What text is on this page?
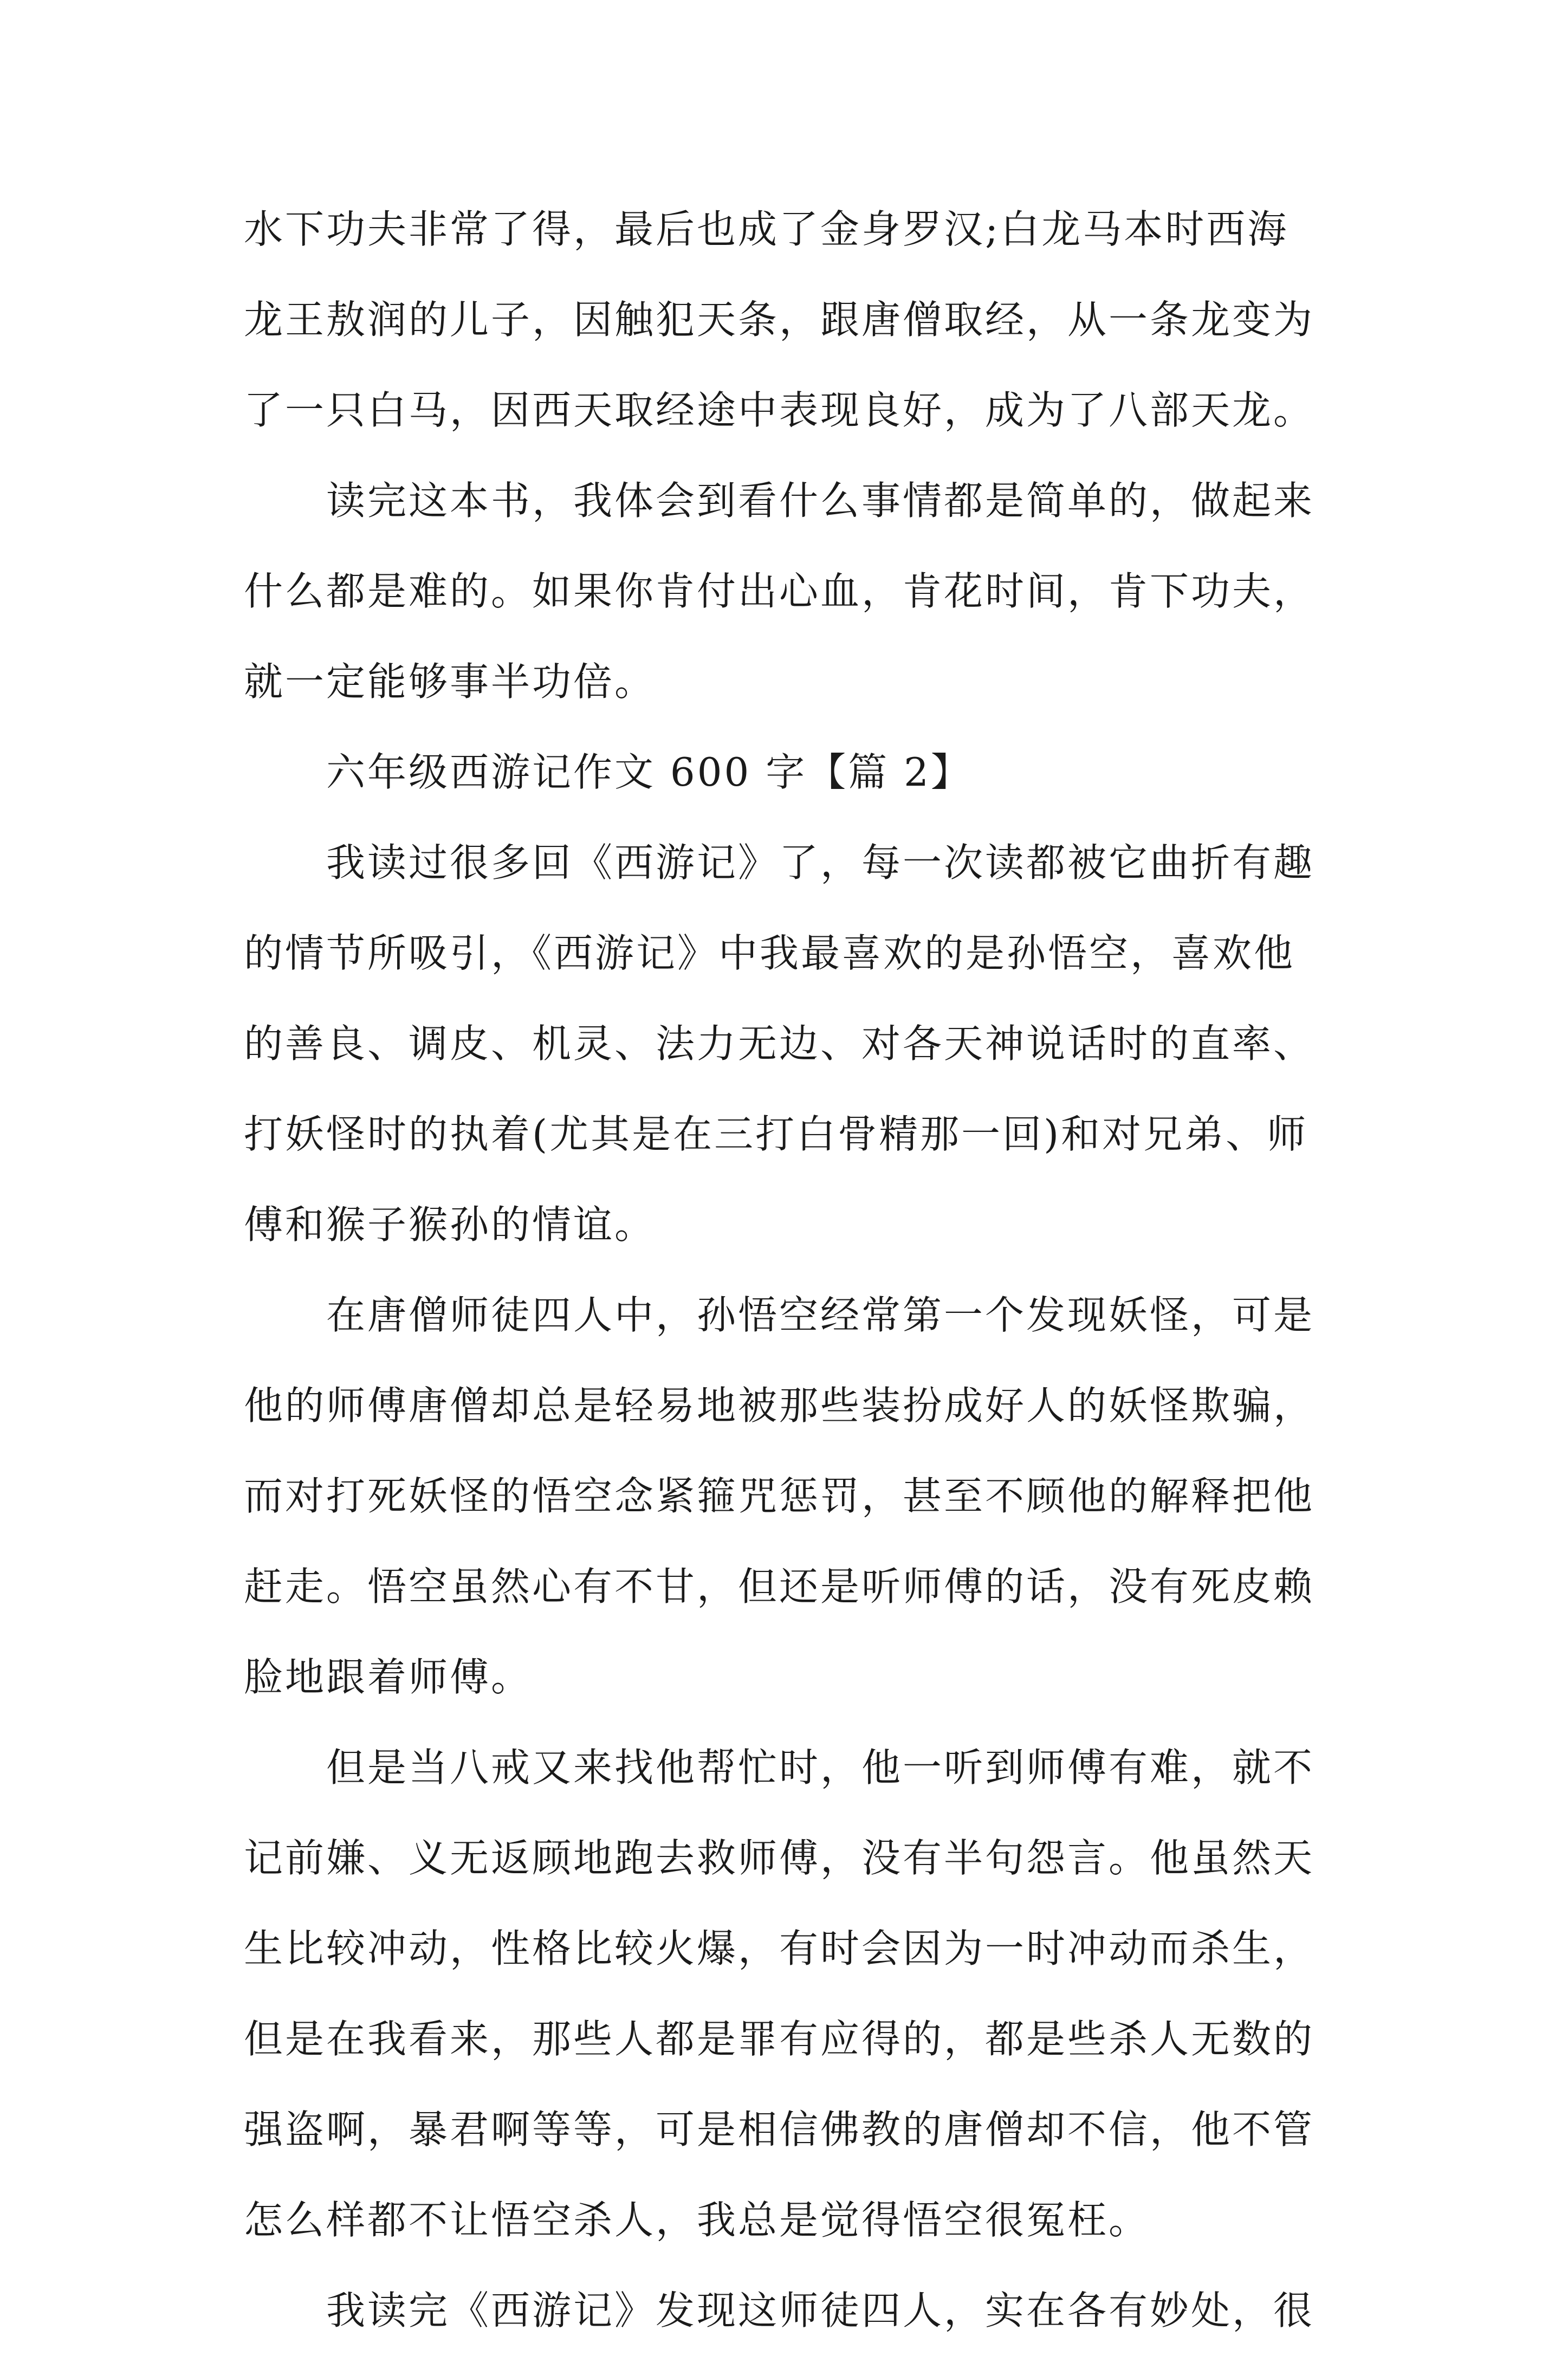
水下功夫非常了得，最后也成了金身罗汉;白龙马本时西海
龙王敖润的儿子，因触犯天条，跟唐僧取经，从一条龙变为
了一只白马，因西天取经途中表现良好，成为了八部天龙。
读完这本书，我体会到看什么事情都是简单的，做起来
什么都是难的。如果你肯付出心血，肯花时间，肯下功夫，
就一定能够事半功倍。
六年级西游记作文 600 字【篇 2】
我读过很多回《西游记》了，每一次读都被它曲折有趣
的情节所吸引，《西游记》中我最喜欢的是孙悟空，喜欢他
的善良、调皮、机灵、法力无边、对各天神说话时的直率、
打妖怪时的执着(尤其是在三打白骨精那一回)和对兄弟、师
傅和猴子猴孙的情谊。
在唐僧师徒四人中，孙悟空经常第一个发现妖怪，可是
他的师傅唐僧却总是轻易地被那些装扮成好人的妖怪欺骗，
而对打死妖怪的悟空念紧箍咒惩罚，甚至不顾他的解释把他
赶走。悟空虽然心有不甘，但还是听师傅的话，没有死皮赖
脸地跟着师傅。
但是当八戒又来找他帮忙时，他一听到师傅有难，就不
记前嫌、义无返顾地跑去救师傅，没有半句怨言。他虽然天
生比较冲动，性格比较火爆，有时会因为一时冲动而杀生，
但是在我看来，那些人都是罪有应得的，都是些杀人无数的
强盗啊，暴君啊等等，可是相信佛教的唐僧却不信，他不管
怎么样都不让悟空杀人，我总是觉得悟空很冤枉。
我读完《西游记》发现这师徒四人，实在各有妙处，很
